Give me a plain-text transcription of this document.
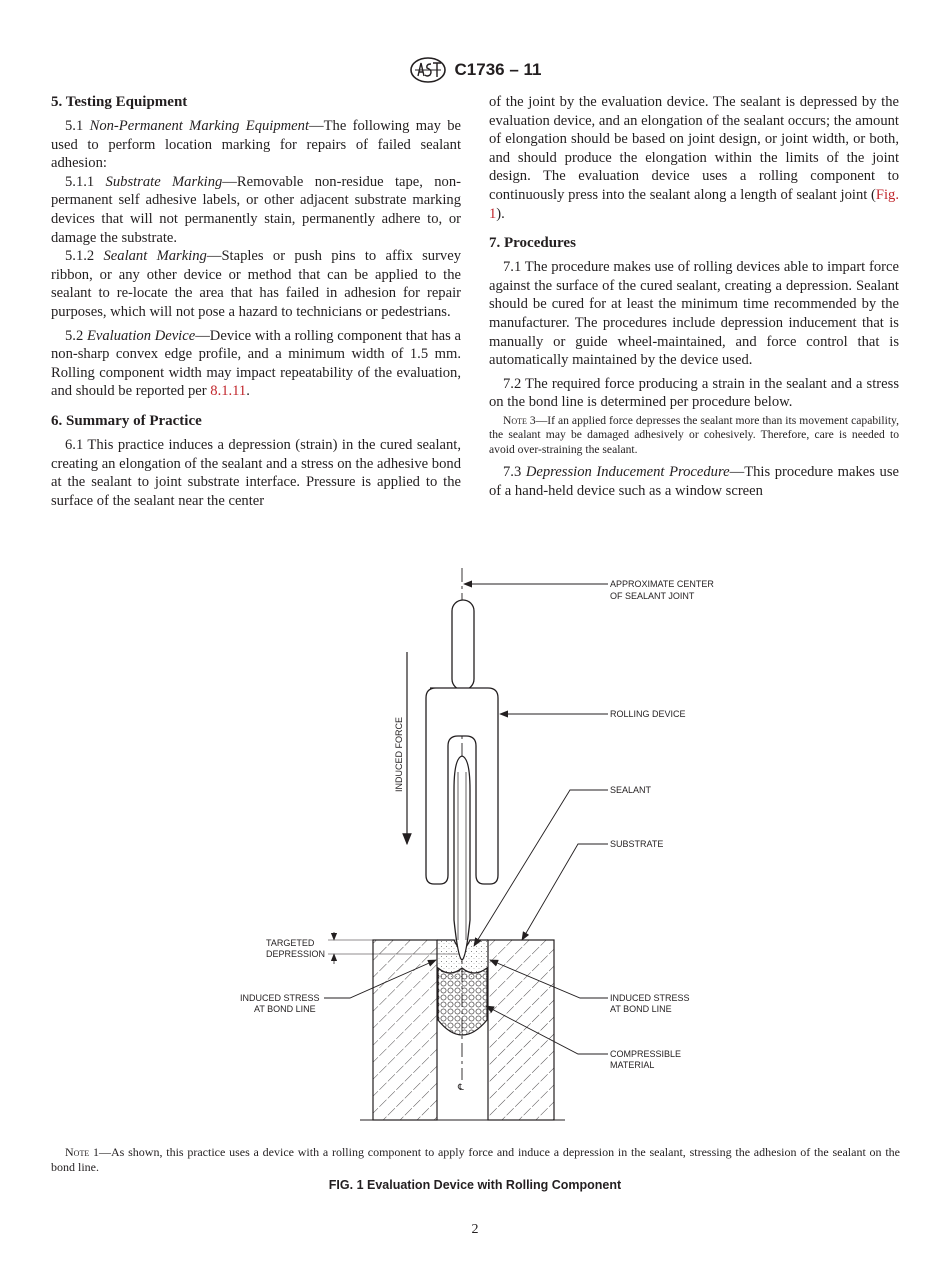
C1736 – 11
5. Testing Equipment

5.1 Non-Permanent Marking Equipment—The following may be used to perform location marking for repairs of failed sealant adhesion:

5.1.1 Substrate Marking—Removable non-residue tape, non-permanent self adhesive labels, or other adjacent substrate marking devices that will not permanently stain, permanently adhere to, or damage the substrate.

5.1.2 Sealant Marking—Staples or push pins to affix survey ribbon, or any other device or method that can be applied to the sealant to re-locate the area that has failed in adhesion for repair purposes, which will not pose a hazard to technicians or pedestrians.

5.2 Evaluation Device—Device with a rolling component that has a non-sharp convex edge profile, and a minimum width of 1.5 mm. Rolling component width may impact repeatability of the evaluation, and should be reported per 8.1.11.

6. Summary of Practice

6.1 This practice induces a depression (strain) in the cured sealant, creating an elongation of the sealant and a stress on the adhesive bond at the sealant to joint substrate interface. Pressure is applied to the surface of the sealant near the center

of the joint by the evaluation device. The sealant is depressed by the evaluation device, and an elongation of the sealant occurs; the amount of elongation should be based on joint design, or joint width, or both, and should produce the elongation within the limits of the joint design. The evaluation device uses a rolling component to continuously press into the sealant along a length of sealant joint (Fig. 1).

7. Procedures

7.1 The procedure makes use of rolling devices able to impart force against the surface of the cured sealant, creating a depression. Sealant should be cured for at least the minimum time recommended by the manufacturer. The procedures include depression inducement that is manually or guide wheel-maintained, and force control that is automatically maintained by the device used.

7.2 The required force producing a strain in the sealant and a stress on the bond line is determined per procedure below.

Note 3—If an applied force depresses the sealant more than its movement capability, the sealant may be damaged adhesively or cohesively. Therefore, care is needed to avoid over-straining the sealant.

7.3 Depression Inducement Procedure—This procedure makes use of a hand-held device such as a window screen

℄
INDUCED FORCE
APPROXIMATE CENTER
OF SEALANT JOINT
ROLLING DEVICE
SEALANT
SUBSTRATE
TARGETED
DEPRESSION
INDUCED STRESS
AT BOND LINE
INDUCED STRESS
AT BOND LINE
COMPRESSIBLE
MATERIAL
Note 1—As shown, this practice uses a device with a rolling component to apply force and induce a depression in the sealant, stressing the adhesion of the sealant on the bond line.
FIG. 1 Evaluation Device with Rolling Component
2
